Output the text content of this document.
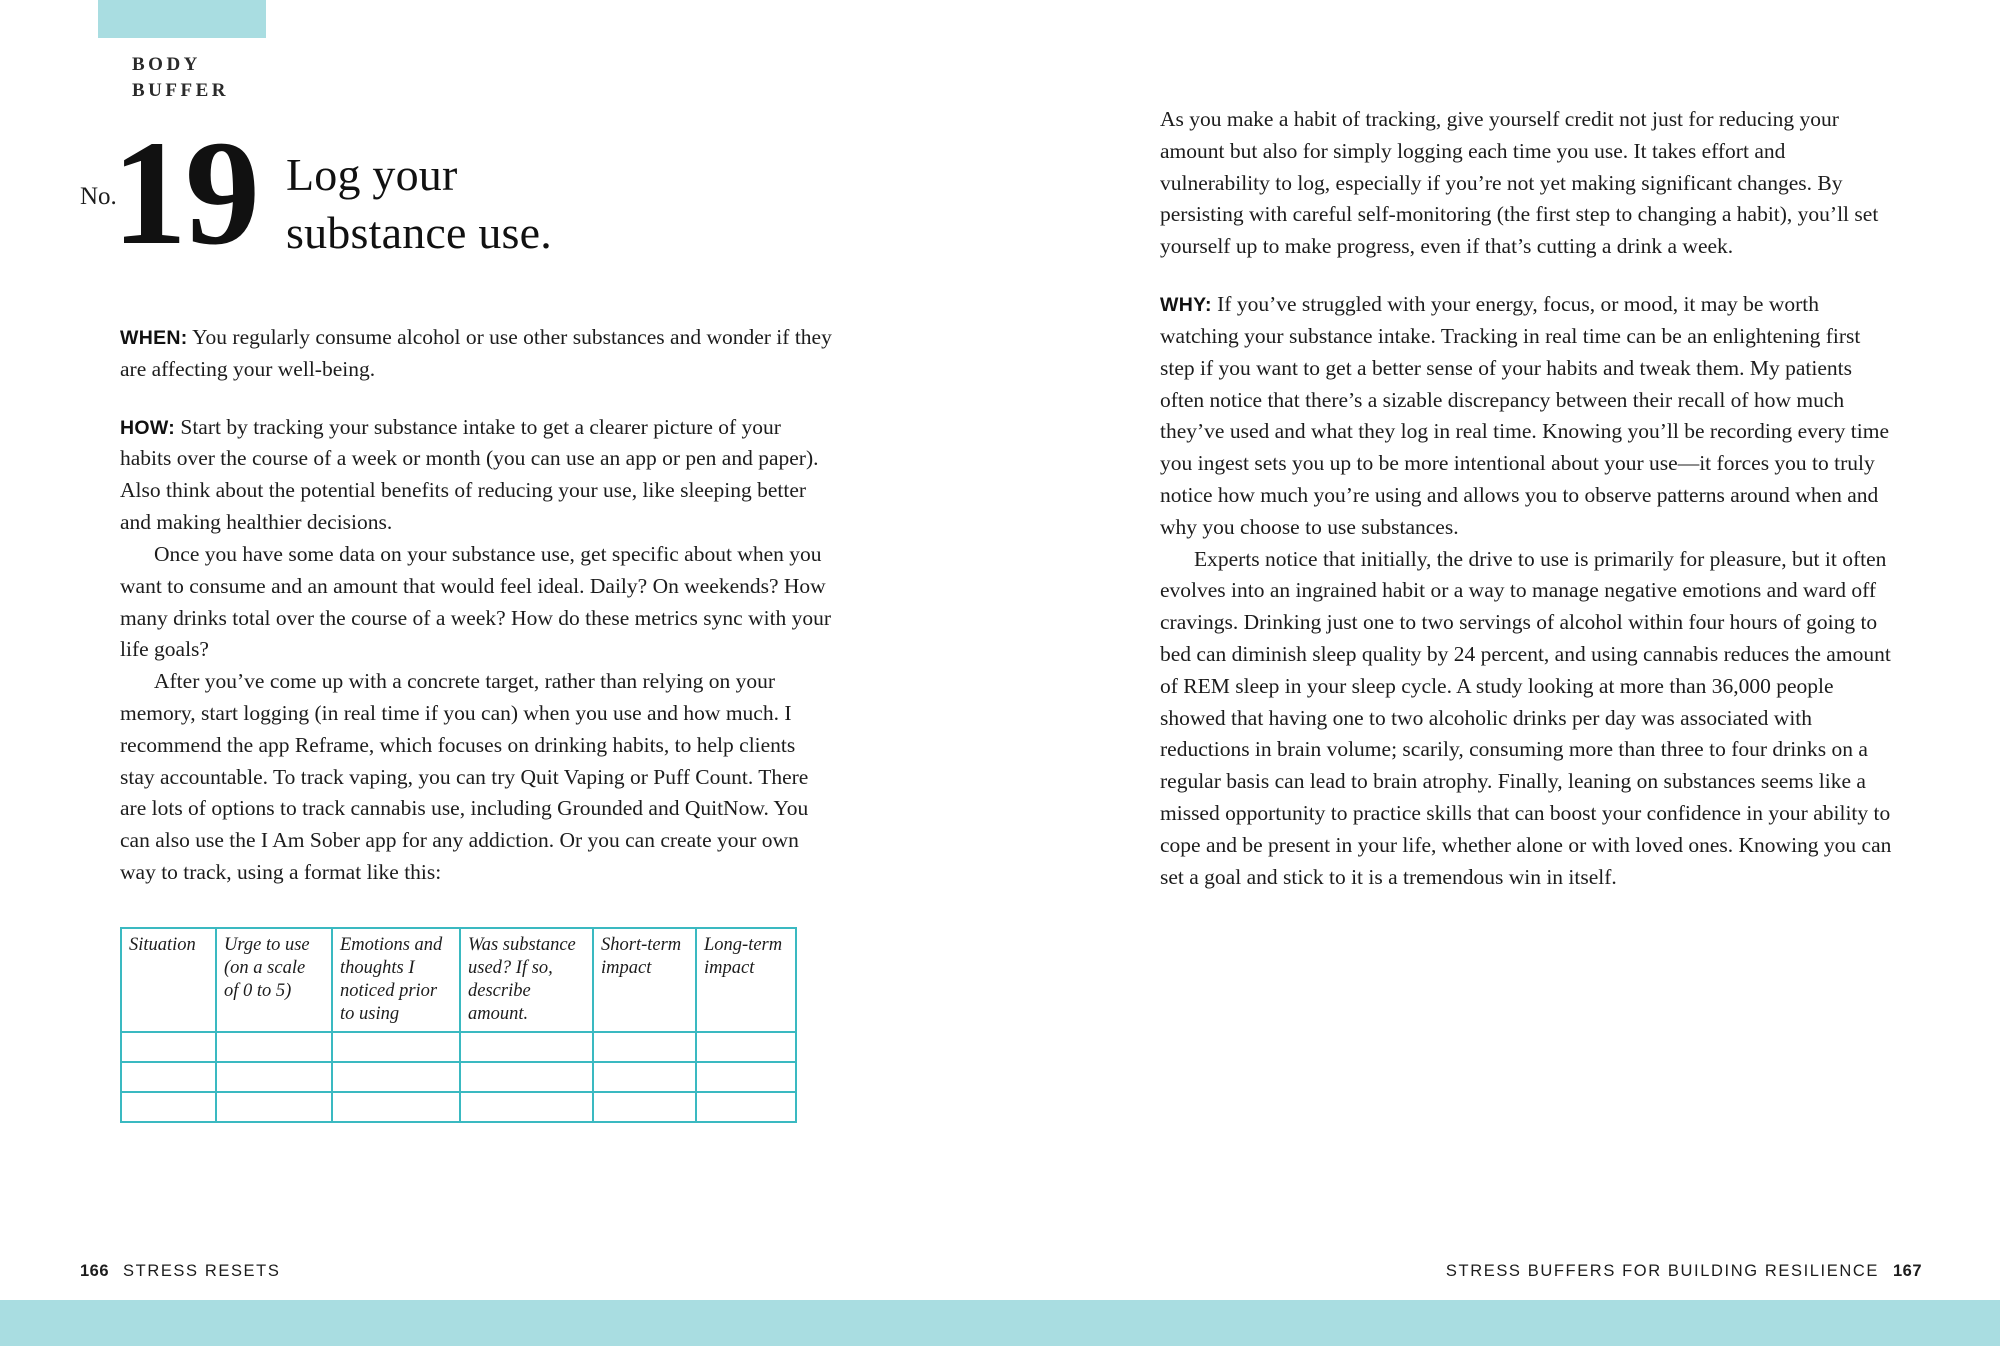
BODY
BUFFER
No.
19 Log your
substance use.

WHEN: You regularly consume alcohol or use other substances and wonder if they are affecting your well-being.

HOW: Start by tracking your substance intake to get a clearer picture of your habits over the course of a week or month (you can use an app or pen and paper). Also think about the potential benefits of reducing your use, like sleeping better and making healthier decisions.

Once you have some data on your substance use, get specific about when you want to consume and an amount that would feel ideal. Daily? On weekends? How many drinks total over the course of a week? How do these metrics sync with your life goals?

After you’ve come up with a concrete target, rather than relying on your memory, start logging (in real time if you can) when you use and how much. I recommend the app Reframe, which focuses on drinking habits, to help clients stay accountable. To track vaping, you can try Quit Vaping or Puff Count. There are lots of options to track cannabis use, including Grounded and QuitNow. You can also use the I Am Sober app for any addiction. Or you can create your own way to track, using a format like this:

Situation	Urge to use (on a scale of 0 to 5)	Emotions and thoughts I noticed prior to using	Was substance used? If so, describe amount.	Short-term impact	Long-term impact

As you make a habit of tracking, give yourself credit not just for reducing your amount but also for simply logging each time you use. It takes effort and vulnerability to log, especially if you’re not yet making significant changes. By persisting with careful self-monitoring (the first step to changing a habit), you’ll set yourself up to make progress, even if that’s cutting a drink a week.

WHY: If you’ve struggled with your energy, focus, or mood, it may be worth watching your substance intake. Tracking in real time can be an enlightening first step if you want to get a better sense of your habits and tweak them. My patients often notice that there’s a sizable discrepancy between their recall of how much they’ve used and what they log in real time. Knowing you’ll be recording every time you ingest sets you up to be more intentional about your use—it forces you to truly notice how much you’re using and allows you to observe patterns around when and why you choose to use substances.

Experts notice that initially, the drive to use is primarily for pleasure, but it often evolves into an ingrained habit or a way to manage negative emotions and ward off cravings. Drinking just one to two servings of alcohol within four hours of going to bed can diminish sleep quality by 24 percent, and using cannabis reduces the amount of REM sleep in your sleep cycle. A study looking at more than 36,000 people showed that having one to two alcoholic drinks per day was associated with reductions in brain volume; scarily, consuming more than three to four drinks on a regular basis can lead to brain atrophy. Finally, leaning on substances seems like a missed opportunity to practice skills that can boost your confidence in your ability to cope and be present in your life, whether alone or with loved ones. Knowing you can set a goal and stick to it is a tremendous win in itself.

166 STRESS RESETS	STRESS BUFFERS FOR BUILDING RESILIENCE 167
